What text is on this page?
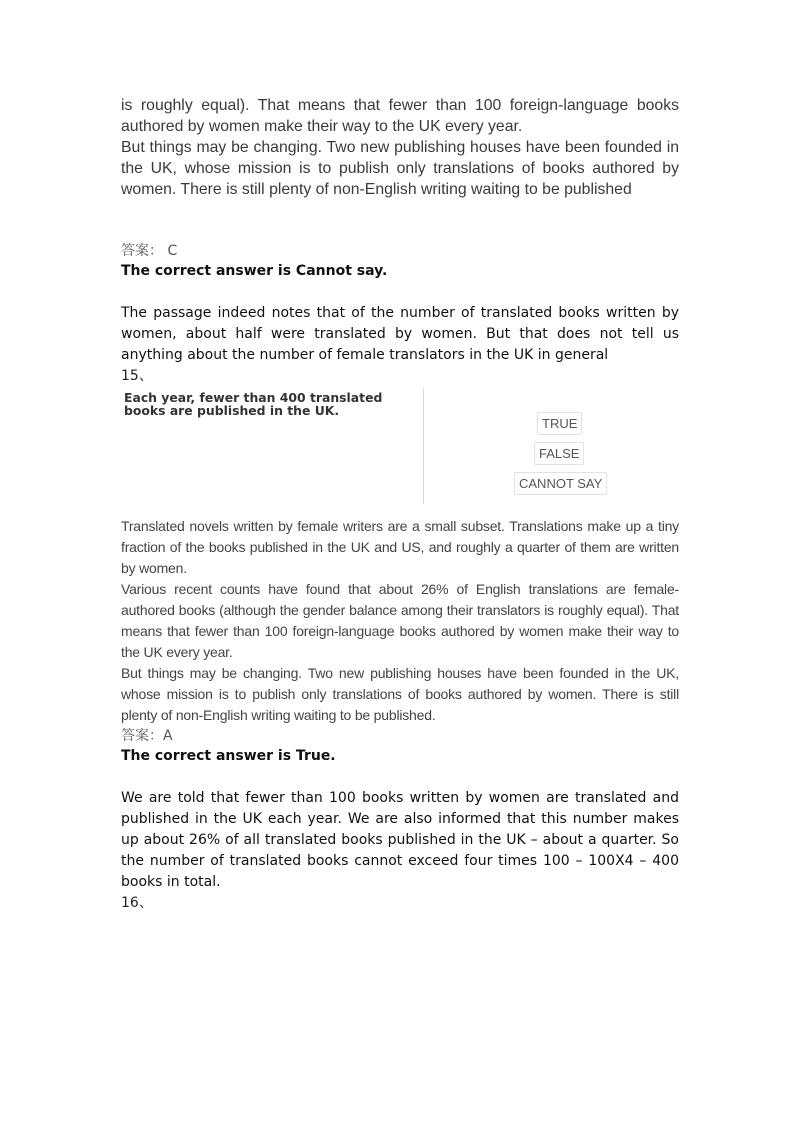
is roughly equal). That means that fewer than 100 foreign-language books authored by women make their way to the UK every year.

But things may be changing. Two new publishing houses have been founded in the UK, whose mission is to publish only translations of books authored by women. There is still plenty of non-English writing waiting to be published

答案： C

The correct answer is Cannot say.

The passage indeed notes that of the number of translated books written by women, about half were translated by women. But that does not tell us anything about the number of female translators in the UK in general

15、

Each year, fewer than 400 translated books are published in the UK.
TRUE
FALSE
CANNOT SAY

Translated novels written by female writers are a small subset. Translations make up a tiny fraction of the books published in the UK and US, and roughly a quarter of them are written by women.

Various recent counts have found that about 26% of English translations are female-authored books (although the gender balance among their translators is roughly equal). That means that fewer than 100 foreign-language books authored by women make their way to the UK every year.

But things may be changing. Two new publishing houses have been founded in the UK, whose mission is to publish only translations of books authored by women. There is still plenty of non-English writing waiting to be published.

答案：A

The correct answer is True.

We are told that fewer than 100 books written by women are translated and published in the UK each year. We are also informed that this number makes up about 26% of all translated books published in the UK – about a quarter. So the number of translated books cannot exceed four times 100 – 100X4 – 400 books in total.

16、
